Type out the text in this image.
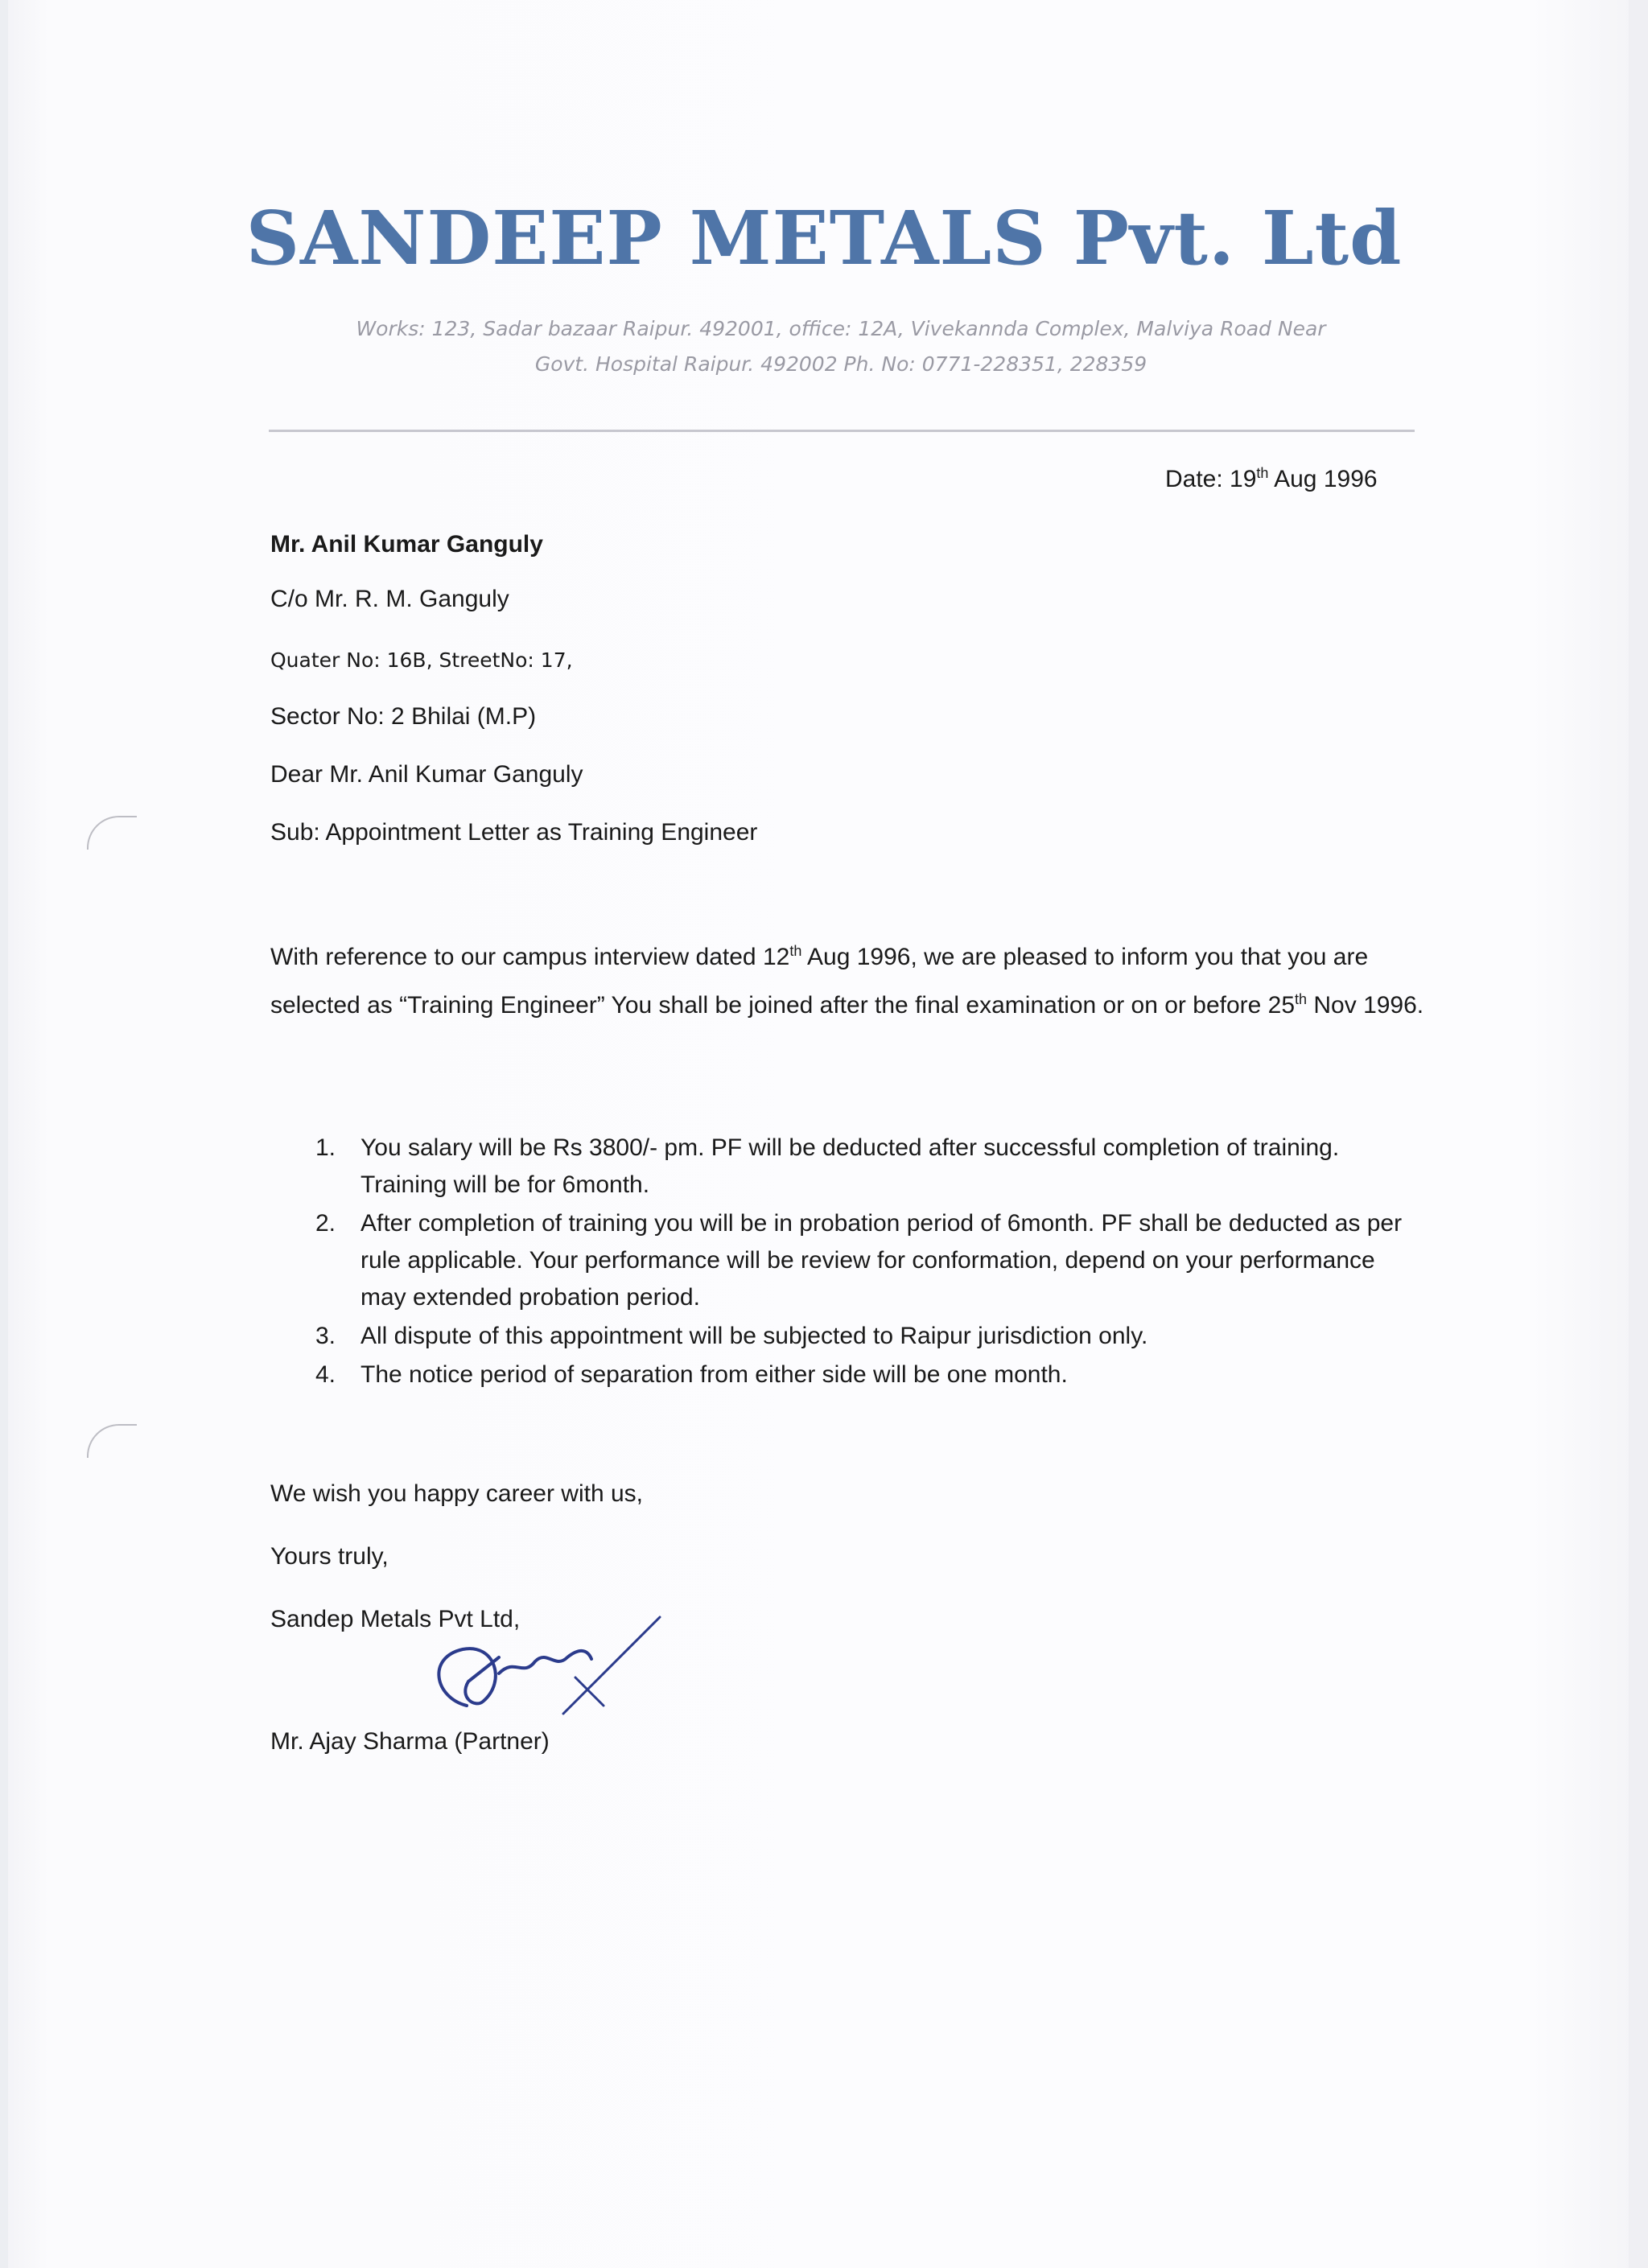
SANDEEP METALS Pvt. Ltd
Works: 123, Sadar bazaar Raipur. 492001, office: 12A, Vivekannda Complex, Malviya Road Near
Govt. Hospital Raipur. 492002 Ph. No: 0771-228351, 228359
Date: 19th Aug 1996
Mr. Anil Kumar Ganguly
C/o Mr. R. M. Ganguly
Quater No: 16B, StreetNo: 17,
Sector No: 2 Bhilai (M.P)
Dear Mr. Anil Kumar Ganguly
Sub: Appointment Letter as Training Engineer
With reference to our campus interview dated 12th Aug 1996, we are pleased to inform you that you are selected as “Training Engineer” You shall be joined after the final examination or on or before 25th Nov 1996.
1. You salary will be Rs 3800/- pm. PF will be deducted after successful completion of training. Training will be for 6month.
2. After completion of training you will be in probation period of 6month. PF shall be deducted as per rule applicable. Your performance will be review for conformation, depend on your performance may extended probation period.
3. All dispute of this appointment will be subjected to Raipur jurisdiction only.
4. The notice period of separation from either side will be one month.
We wish you happy career with us,
Yours truly,
Sandep Metals Pvt Ltd,
Mr. Ajay Sharma (Partner)
